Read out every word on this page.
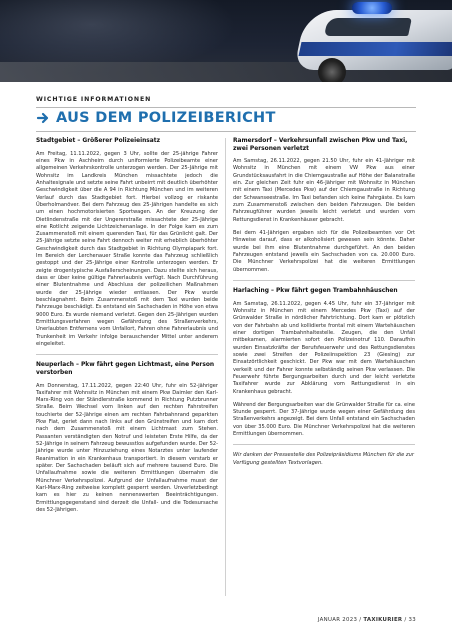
WICHTIGE INFORMATIONEN
AUS DEM POLIZEIBERICHT
Stadtgebiet – Größerer Polizeieinsatz

Am Freitag, 11.11.2022, gegen 3 Uhr, sollte der 25-jährige Fahrer eines Pkw in Aschheim durch uniformierte Polizeibeamte einer allgemeinen Verkehrskontrolle unterzogen werden. Der 25-Jährige mit Wohnsitz im Landkreis München missachtete jedoch die Anhaltesignale und setzte seine Fahrt unbeirrt mit deutlich überhöhter Geschwindigkeit über die A 94 in Richtung München und im weiteren Verlauf durch das Stadtgebiet fort. Hierbei vollzog er riskante Überholmanöver. Bei dem Fahrzeug des 25-Jährigen handelte es sich um einen hochmotorisierten Sportwagen. An der Kreuzung der Dietlindenstraße mit der Ungererstraße missachtete der 25-Jährige eine Rotlicht zeigende Lichtzeichenanlage. In der Folge kam es zum Zusammenstoß mit einem querenden Taxi, für das Grünlicht galt. Der 25-Jährige setzte seine Fahrt dennoch weiter mit erheblich überhöhter Geschwindigkeit durch das Stadtgebiet in Richtung Olympiapark fort. Im Bereich der Lerchenauer Straße konnte das Fahrzeug schließlich gestoppt und der 25-Jährige einer Kontrolle unterzogen werden. Er zeigte drogentypische Ausfallerscheinungen. Dazu stellte sich heraus, dass er über keine gültige Fahrerlaubnis verfügt. Nach Durchführung einer Blutentnahme und Abschluss der polizeilichen Maßnahmen wurde der 25-Jährige wieder entlassen. Der Pkw wurde beschlagnahmt. Beim Zusammenstoß mit dem Taxi wurden beide Fahrzeuge beschädigt. Es entstand ein Sachschaden in Höhe von etwa 9000 Euro. Es wurde niemand verletzt. Gegen den 25-Jährigen wurden Ermittlungsverfahren wegen Gefährdung des Straßenverkehrs, Unerlaubten Entfernens vom Unfallort, Fahren ohne Fahrerlaubnis und Trunkenheit im Verkehr infolge berauschender Mittel unter anderem eingeleitet.

Neuperlach – Pkw fährt gegen Lichtmast, eine Person verstorben

Am Donnerstag, 17.11.2022, gegen 22:40 Uhr, fuhr ein 52-jähriger Taxifahrer mit Wohnsitz in München mit einem Pkw Daimler den Karl-Marx-Ring von der Ständlerstraße kommend in Richtung Putzbrunner Straße. Beim Wechsel vom linken auf den rechten Fahrstreifen touchierte der 52-Jährige einen am rechten Fahrbahnrand geparkten Pkw Fiat, geriet dann nach links auf den Grünstreifen und kam dort nach dem Zusammenstoß mit einem Lichtmast zum Stehen. Passanten verständigten den Notruf und leisteten Erste Hilfe, da der 52-Jährige in seinem Fahrzeug bewusstlos aufgefunden wurde. Der 52-Jährige wurde unter Hinzuziehung eines Notarztes unter laufender Reanimation in ein Krankenhaus transportiert. In diesem verstarb er später. Der Sachschaden beläuft sich auf mehrere tausend Euro. Die Unfallaufnahme sowie die weiteren Ermittlungen übernahm die Münchner Verkehrspolizei. Aufgrund der Unfallaufnahme musst der Karl-Marx-Ring zeitweise komplett gesperrt werden. Unverletzbedingt kam es hier zu keinen nennenswerten Beeinträchtigungen. Ermittlungsgegenstand sind derzeit die Unfall- und die Todesursache des 52-Jährigen.

Ramersdorf – Verkehrsunfall zwischen Pkw und Taxi, zwei Personen verletzt

Am Samstag, 26.11.2022, gegen 21.50 Uhr, fuhr ein 41-Jähriger mit Wohnsitz in München mit einem VW Pkw aus einer Grundstücksausfahrt in die Chiemgaustraße auf Höhe der Balanstraße ein. Zur gleichen Zeit fuhr ein 46-Jähriger mit Wohnsitz in München mit einem Taxi (Mercedes Pkw) auf der Chiemgaustraße in Richtung der Schwanseestraße. Im Taxi befanden sich keine Fahrgäste. Es kam zum Zusammenstoß zwischen den beiden Fahrzeugen. Die beiden Fahrzeugführer wurden jeweils leicht verletzt und wurden vom Rettungsdienst in Krankenhäuser gebracht.

Bei dem 41-Jährigen ergaben sich für die Polizeibeamten vor Ort Hinweise darauf, dass er alkoholisiert gewesen sein könnte. Daher wurde bei ihm eine Blutentnahme durchgeführt. An den beiden Fahrzeugen entstand jeweils ein Sachschaden von ca. 20.000 Euro. Die Münchner Verkehrspolizei hat die weiteren Ermittlungen übernommen.

Harlaching – Pkw fährt gegen Trambahnhäuschen

Am Samstag, 26.11.2022, gegen 4.45 Uhr, fuhr ein 37-Jähriger mit Wohnsitz in München mit einem Mercedes Pkw (Taxi) auf der Grünwalder Straße in nördlicher Fahrtrichtung. Dort kam er plötzlich von der Fahrbahn ab und kollidierte frontal mit einem Wartehäuschen einer dortigen Trambahnhaltestelle. Zeugen, die den Unfall mitbekamen, alarmierten sofort den Polizeinotruf 110. Daraufhin wurden Einsatzkräfte der Berufsfeuerwehr und des Rettungsdienstes sowie zwei Streifen der Polizeiinspektion 23 (Giesing) zur Einsatzörtlichkeit geschickt. Der Pkw war mit dem Wartehäuschen verkeilt und der Fahrer konnte selbständig seinen Pkw verlassen. Die Feuerwehr führte Bergungsarbeiten durch und der leicht verletzte Taxifahrer wurde zur Abklärung vom Rettungsdienst in ein Krankenhaus gebracht.

Während der Bergungsarbeiten war die Grünwalder Straße für ca. eine Stunde gesperrt. Der 37-Jährige wurde wegen einer Gefährdung des Straßenverkehrs angezeigt. Bei dem Unfall entstand ein Sachschaden von über 35.000 Euro. Die Münchner Verkehrspolizei hat die weiteren Ermittlungen übernommen.

Wir danken der Pressestelle des Polizeipräsidiums München für die zur Verfügung gestellten Textvorlagen.

JANUAR 2023 / TAXIKURIER / 33
